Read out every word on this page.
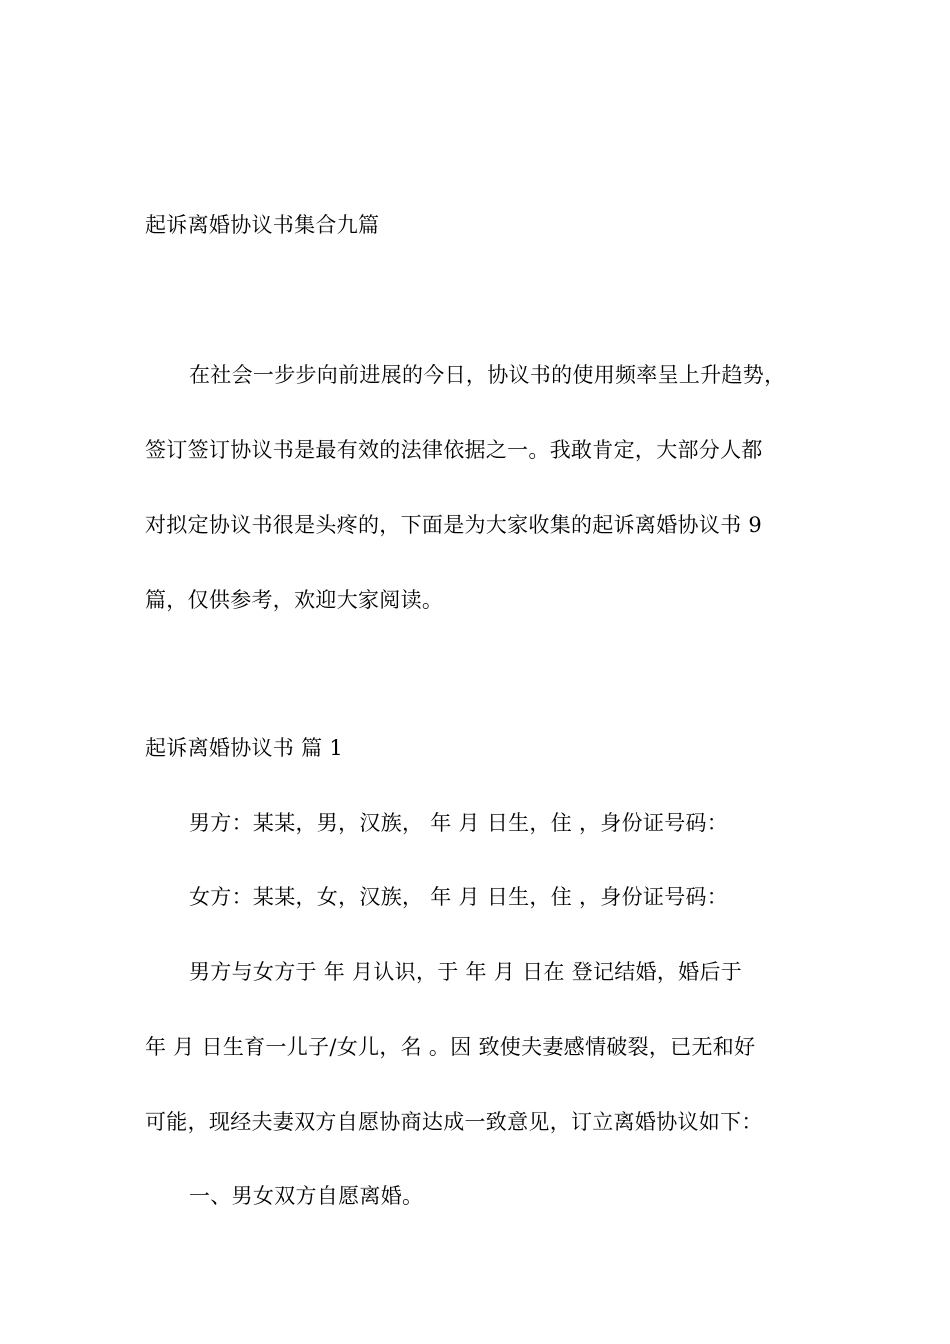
起诉离婚协议书集合九篇
在社会一步步向前进展的今日，协议书的使用频率呈上升趋势，
签订签订协议书是最有效的法律依据之一。我敢肯定，大部分人都
对拟定协议书很是头疼的，下面是为大家收集的起诉离婚协议书 9
篇，仅供参考，欢迎大家阅读。
起诉离婚协议书 篇 1
男方：某某，男，汉族， 年 月 日生，住 ，身份证号码：
女方：某某，女，汉族， 年 月 日生，住 ，身份证号码：
男方与女方于 年 月认识，于 年 月 日在 登记结婚，婚后于
年 月 日生育一儿子/女儿，名 。因 致使夫妻感情破裂，已无和好
可能，现经夫妻双方自愿协商达成一致意见，订立离婚协议如下：
一、男女双方自愿离婚。
